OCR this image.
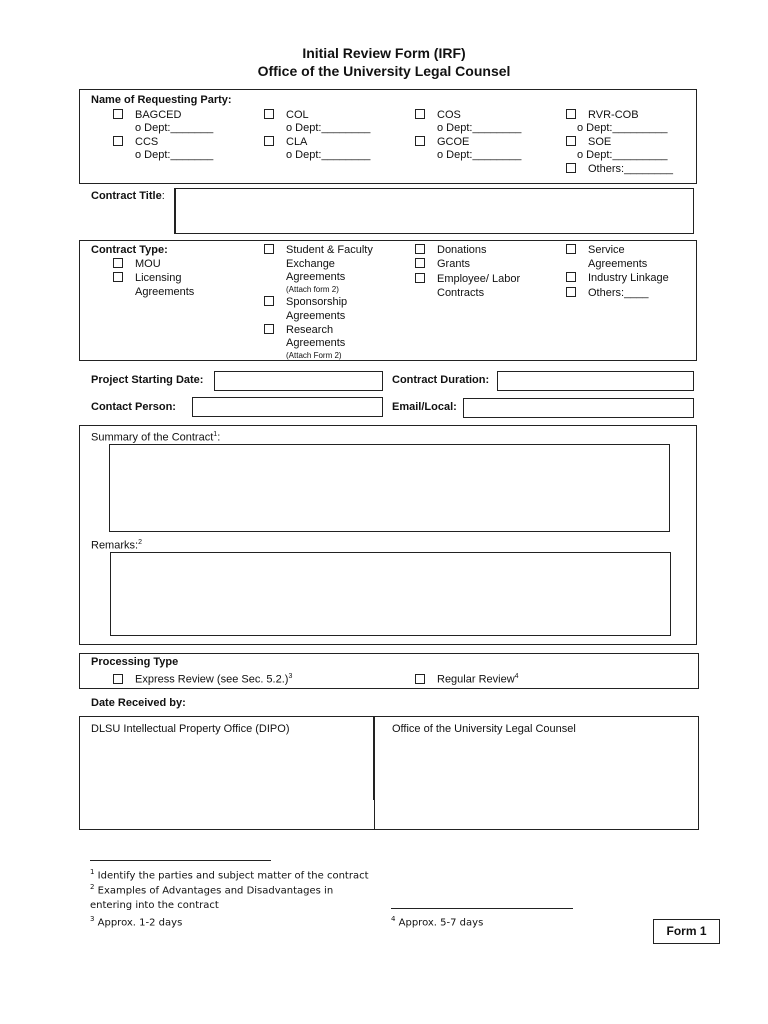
Initial Review Form (IRF)
Office of the University Legal Counsel
Name of Requesting Party:
BAGCED
o Dept:_______
CCS
o Dept:_______
COL
o Dept:________
CLA
o Dept:________
COS
o Dept:________
GCOE
o Dept:________
RVR-COB
o Dept:_________
SOE
o Dept:_________
Others:________
Contract Title:
Contract Type:
MOU
Licensing
Agreements
Student & Faculty
Exchange
Agreements
(Attach form 2)
Sponsorship
Agreements
Research
Agreements
(Attach Form 2)
Donations
Grants
Employee/ Labor
Contracts
Service
Agreements
Industry Linkage
Others:____
Project Starting Date:	Contract Duration:
Contact Person:	Email/Local:
Summary of the Contract$^1$:
Remarks:$^2$
Processing Type
Express Review (see Sec. 5.2.)$^3$	Regular Review$^4$
Date Received by:
DLSU Intellectual Property Office (DIPO)	Office of the University Legal Counsel
$^1$ Identify the parties and subject matter of the contract
$^2$ Examples of Advantages and Disadvantages in
entering into the contract
$^3$ Approx. 1-2 days	$^4$ Approx. 5-7 days
Form 1
